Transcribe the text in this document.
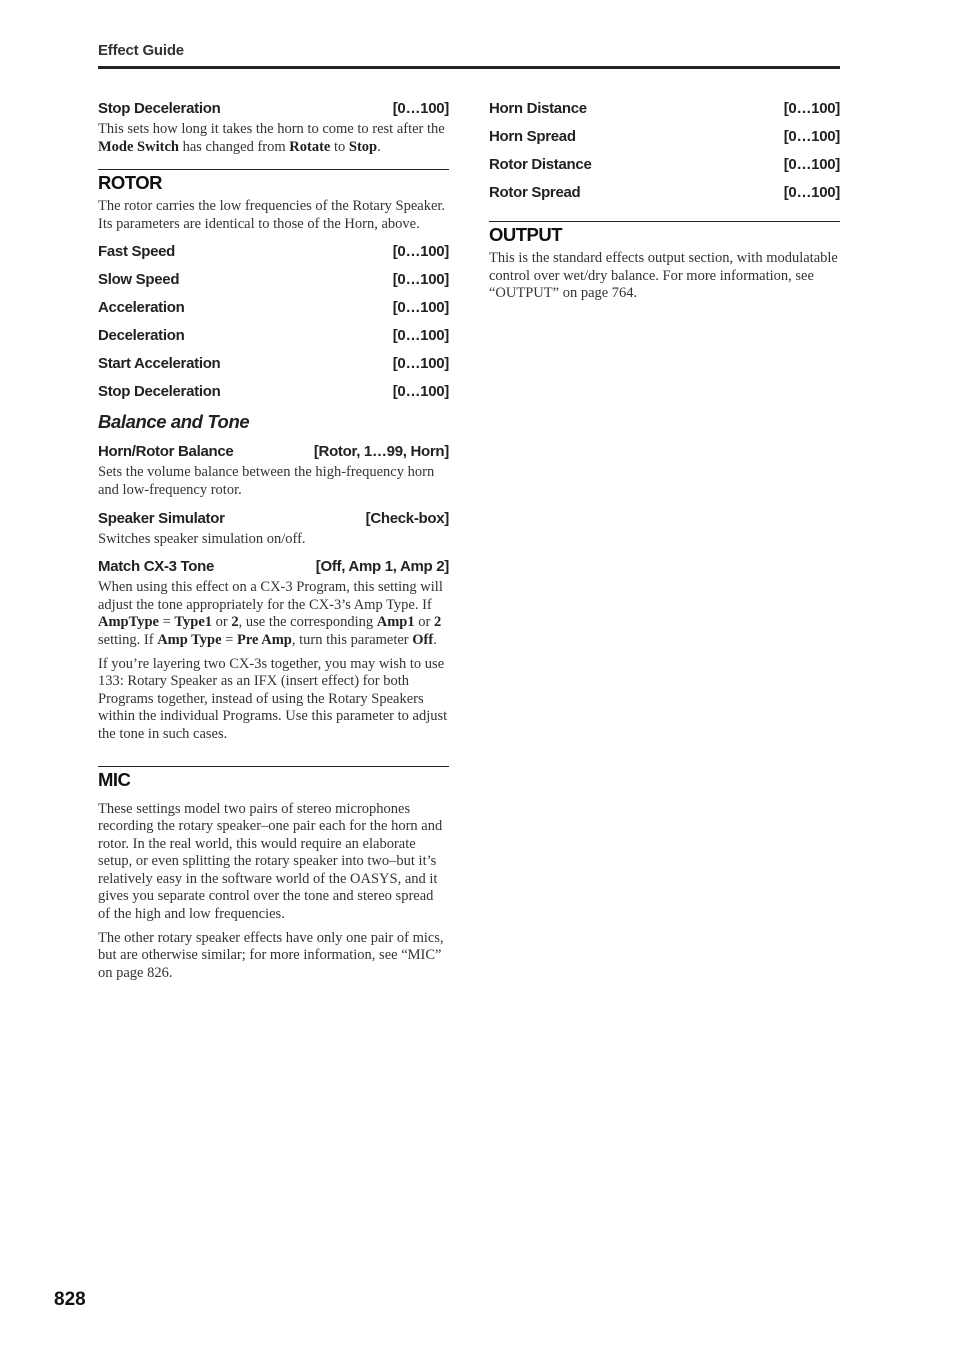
Effect Guide
Stop Deceleration	[0…100]

This sets how long it takes the horn to come to rest after the Mode Switch has changed from Rotate to Stop.

ROTOR

The rotor carries the low frequencies of the Rotary Speaker. Its parameters are identical to those of the Horn, above.

Fast Speed	[0…100]
Slow Speed	[0…100]
Acceleration	[0…100]
Deceleration	[0…100]
Start Acceleration	[0…100]
Stop Deceleration	[0…100]
Balance and Tone
Horn/Rotor Balance	[Rotor, 1…99, Horn]

Sets the volume balance between the high-frequency horn and low-frequency rotor.

Speaker Simulator	[Check-box]

Switches speaker simulation on/off.

Match CX-3 Tone	[Off, Amp 1, Amp 2]

When using this effect on a CX-3 Program, this setting will adjust the tone appropriately for the CX-3’s Amp Type. If AmpType = Type1 or 2, use the corresponding Amp1 or 2 setting. If Amp Type = Pre Amp, turn this parameter Off.

If you’re layering two CX-3s together, you may wish to use 133: Rotary Speaker as an IFX (insert effect) for both Programs together, instead of using the Rotary Speakers within the individual Programs. Use this parameter to adjust the tone in such cases.

MIC

These settings model two pairs of stereo microphones recording the rotary speaker–one pair each for the horn and rotor. In the real world, this would require an elaborate setup, or even splitting the rotary speaker into two–but it’s relatively easy in the software world of the OASYS, and it gives you separate control over the tone and stereo spread of the high and low frequencies.

The other rotary speaker effects have only one pair of mics, but are otherwise similar; for more information, see “MIC” on page 826.

Horn Distance	[0…100]
Horn Spread	[0…100]
Rotor Distance	[0…100]
Rotor Spread	[0…100]
OUTPUT

This is the standard effects output section, with modulatable control over wet/dry balance. For more information, see “OUTPUT” on page 764.

828
